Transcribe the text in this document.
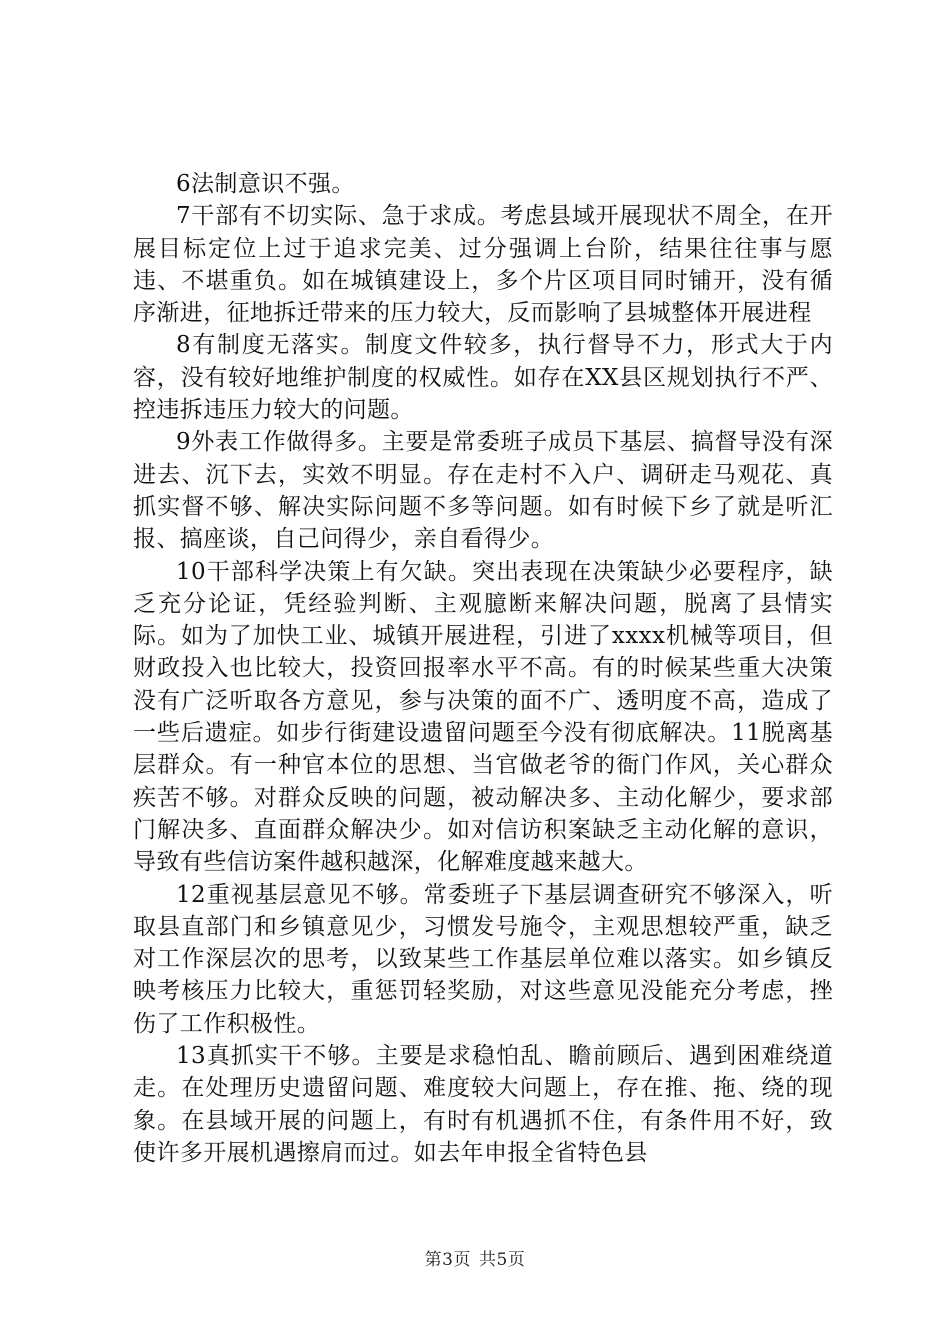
6法制意识不强。

7干部有不切实际、急于求成。考虑县域开展现状不周全，在开展目标定位上过于追求完美、过分强调上台阶，结果往往事与愿违、不堪重负。如在城镇建设上，多个片区项目同时铺开，没有循序渐进，征地拆迁带来的压力较大，反而影响了县城整体开展进程

8有制度无落实。制度文件较多，执行督导不力，形式大于内容，没有较好地维护制度的权威性。如存在XX县区规划执行不严、控违拆违压力较大的问题。

9外表工作做得多。主要是常委班子成员下基层、搞督导没有深进去、沉下去，实效不明显。存在走村不入户、调研走马观花、真抓实督不够、解决实际问题不多等问题。如有时候下乡了就是听汇报、搞座谈，自己问得少，亲自看得少。

10干部科学决策上有欠缺。突出表现在决策缺少必要程序，缺乏充分论证，凭经验判断、主观臆断来解决问题，脱离了县情实际。如为了加快工业、城镇开展进程，引进了xxxx机械等项目，但财政投入也比较大，投资回报率水平不高。有的时候某些重大决策没有广泛听取各方意见，参与决策的面不广、透明度不高，造成了一些后遗症。如步行街建设遗留问题至今没有彻底解决。11脱离基层群众。有一种官本位的思想、当官做老爷的衙门作风，关心群众疾苦不够。对群众反映的问题，被动解决多、主动化解少，要求部门解决多、直面群众解决少。如对信访积案缺乏主动化解的意识，导致有些信访案件越积越深，化解难度越来越大。

12重视基层意见不够。常委班子下基层调查研究不够深入，听取县直部门和乡镇意见少，习惯发号施令，主观思想较严重，缺乏对工作深层次的思考，以致某些工作基层单位难以落实。如乡镇反映考核压力比较大，重惩罚轻奖励，对这些意见没能充分考虑，挫伤了工作积极性。

13真抓实干不够。主要是求稳怕乱、瞻前顾后、遇到困难绕道走。在处理历史遗留问题、难度较大问题上，存在推、拖、绕的现象。在县域开展的问题上，有时有机遇抓不住，有条件用不好，致使许多开展机遇擦肩而过。如去年申报全省特色县

第3页 共5页
